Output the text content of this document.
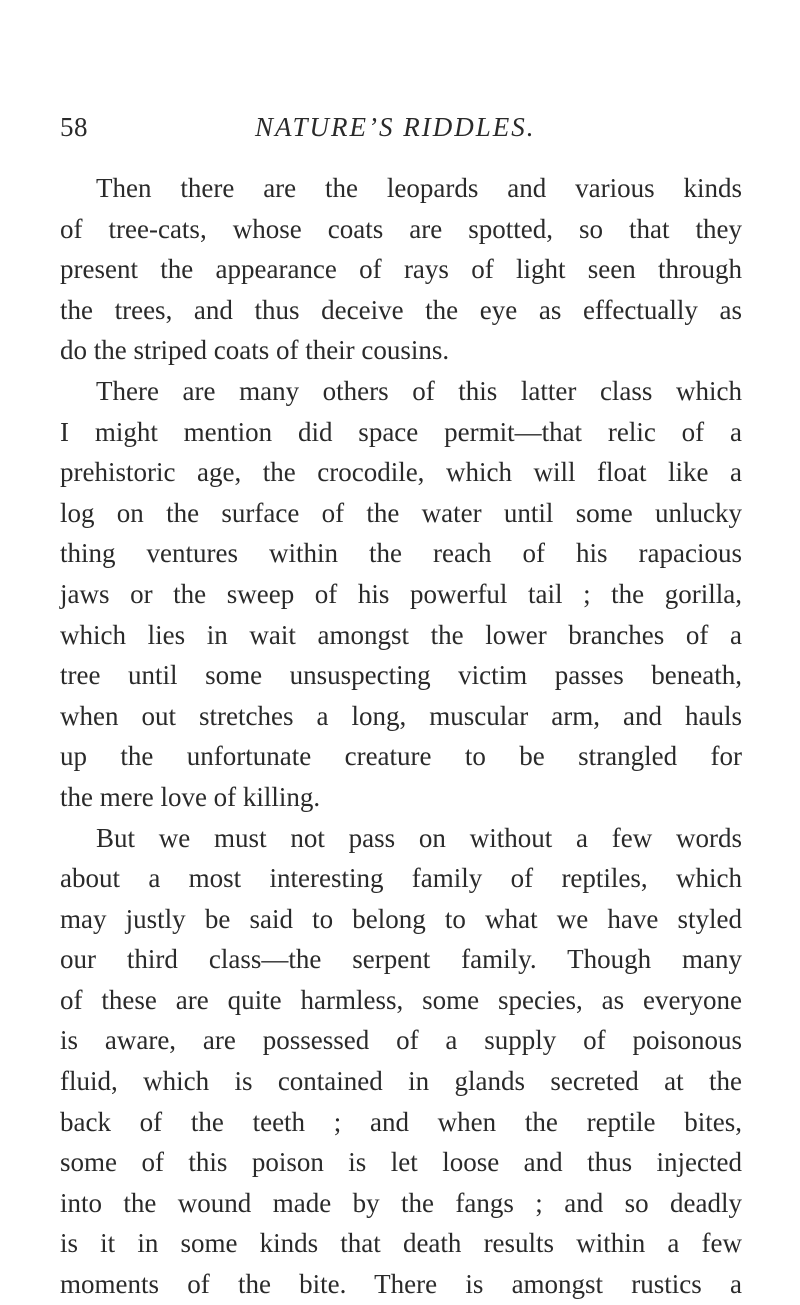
58	NATURE’S RIDDLES.
Then there are the leopards and various kinds
of tree-cats, whose coats are spotted, so that they
present the appearance of rays of light seen through
the trees, and thus deceive the eye as effectually as
do the striped coats of their cousins.
There are many others of this latter class which
I might mention did space permit—that relic of a
prehistoric age, the crocodile, which will float like a
log on the surface of the water until some unlucky
thing ventures within the reach of his rapacious
jaws or the sweep of his powerful tail ; the gorilla,
which lies in wait amongst the lower branches of a
tree until some unsuspecting victim passes beneath,
when out stretches a long, muscular arm, and hauls
up the unfortunate creature to be strangled for
the mere love of killing.
But we must not pass on without a few words
about a most interesting family of reptiles, which
may justly be said to belong to what we have styled
our third class—the serpent family. Though many
of these are quite harmless, some species, as everyone
is aware, are possessed of a supply of poisonous
fluid, which is contained in glands secreted at the
back of the teeth ; and when the reptile bites,
some of this poison is let loose and thus injected
into the wound made by the fangs ; and so deadly
is it in some kinds that death results within a few
moments of the bite. There is amongst rustics a
